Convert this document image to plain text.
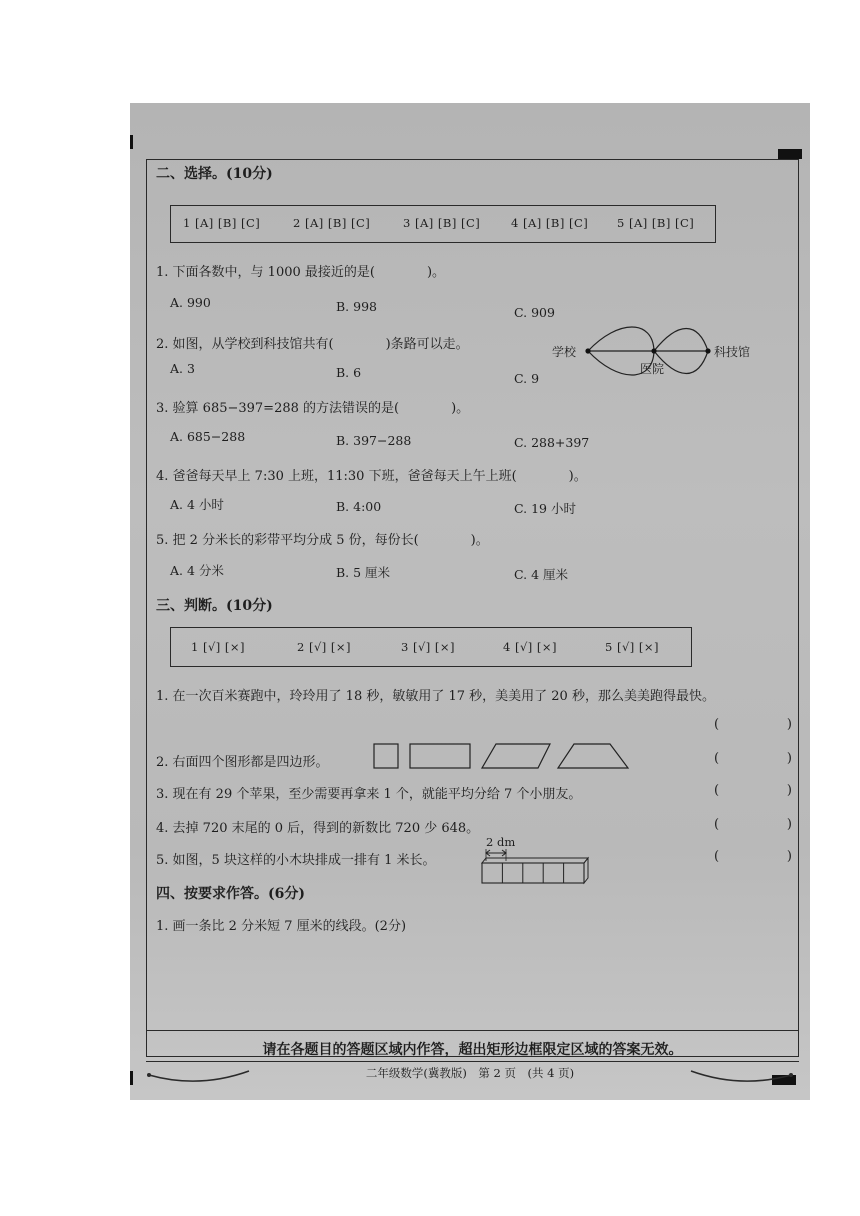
二、选择。(10分)
1 [A] [B] [C]	2 [A] [B] [C]	3 [A] [B] [C]	4 [A] [B] [C] 5 [A] [B] [C]
1. 下面各数中，与 1000 最接近的是(　　　　)。
A. 990	B. 998	C. 909
2. 如图，从学校到科技馆共有(　　　　)条路可以走。
A. 3	B. 6	C. 9
学校
医院
科技馆
3. 验算 685−397=288 的方法错误的是(　　　　)。
A. 685−288	B. 397−288	C. 288+397
4. 爸爸每天早上 7:30 上班，11:30 下班，爸爸每天上午上班(　　　　)。
A. 4 小时	B. 4:00	C. 19 小时
5. 把 2 分米长的彩带平均分成 5 份，每份长(　　　　)。
A. 4 分米	B. 5 厘米	C. 4 厘米
三、判断。(10分)
1 [√] [×]	2 [√] [×]	3 [√] [×]	4 [√] [×]	5 [√] [×]
1. 在一次百米赛跑中，玲玲用了 18 秒，敏敏用了 17 秒，美美用了 20 秒，那么美美跑得最快。
(	)
2. 右面四个图形都是四边形。	(	)
3. 现在有 29 个苹果，至少需要再拿来 1 个，就能平均分给 7 个小朋友。	(	)
4. 去掉 720 末尾的 0 后，得到的新数比 720 少 648。	(	)
5. 如图，5 块这样的小木块排成一排有 1 米长。
2 dm
(	)
四、按要求作答。(6分)
1. 画一条比 2 分米短 7 厘米的线段。(2分)
请在各题目的答题区域内作答，超出矩形边框限定区域的答案无效。
二年级数学(冀教版)　第 2 页　(共 4 页)
